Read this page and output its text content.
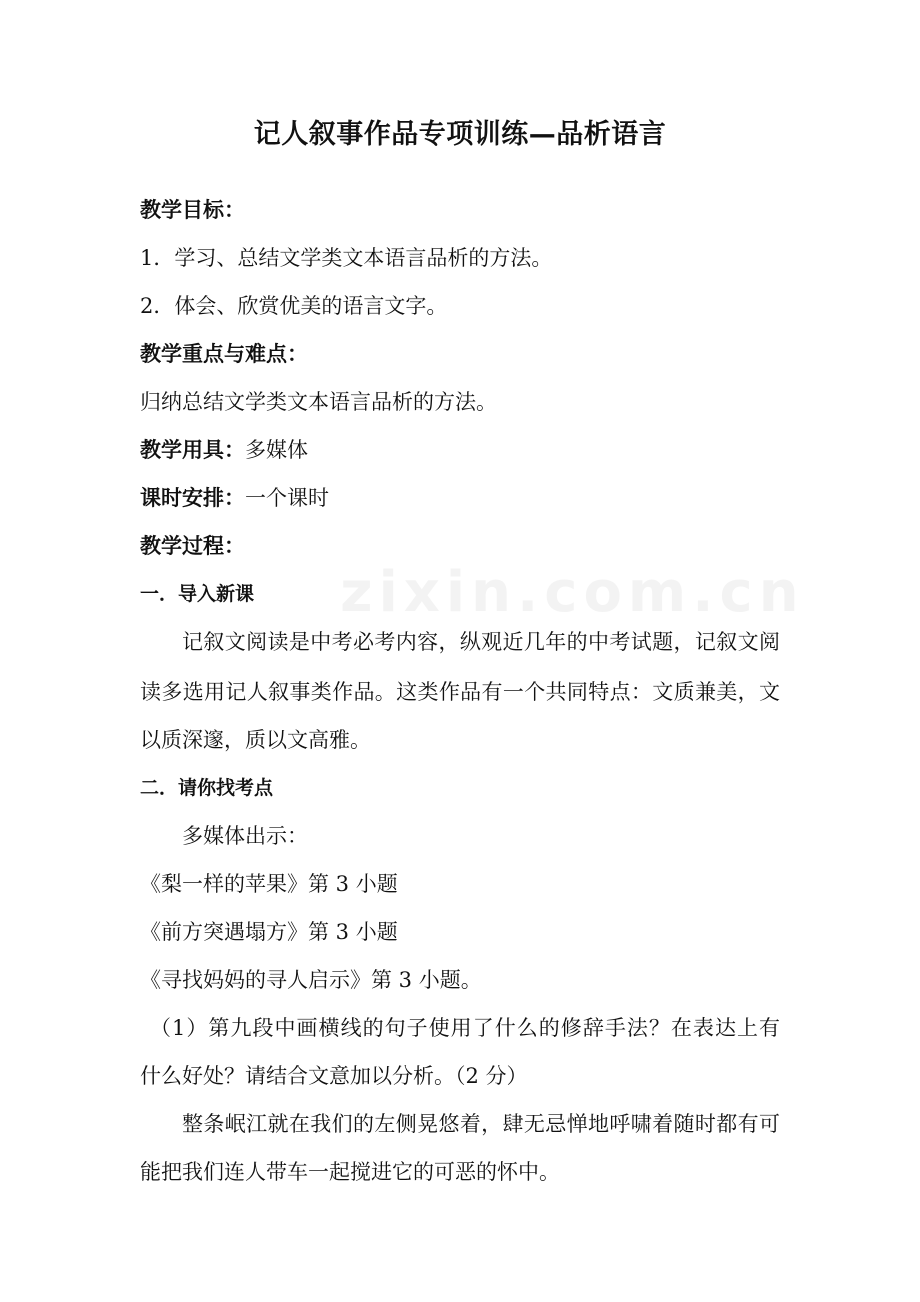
zixin.com.cn
记人叙事作品专项训练—品析语言
教学目标：
1．学习、总结文学类文本语言品析的方法。
2．体会、欣赏优美的语言文字。
教学重点与难点：
归纳总结文学类文本语言品析的方法。
教学用具：多媒体
课时安排：一个课时
教学过程：
一．导入新课
记叙文阅读是中考必考内容，纵观近几年的中考试题，记叙文阅
读多选用记人叙事类作品。这类作品有一个共同特点：文质兼美，文
以质深邃，质以文高雅。
二．请你找考点
多媒体出示：
《梨一样的苹果》第 3 小题
《前方突遇塌方》第 3 小题
《寻找妈妈的寻人启示》第 3 小题。
（1）第九段中画横线的句子使用了什么的修辞手法？在表达上有
什么好处？请结合文意加以分析。（2 分）
整条岷江就在我们的左侧晃悠着，肆无忌惮地呼啸着随时都有可
能把我们连人带车一起搅进它的可恶的怀中。
